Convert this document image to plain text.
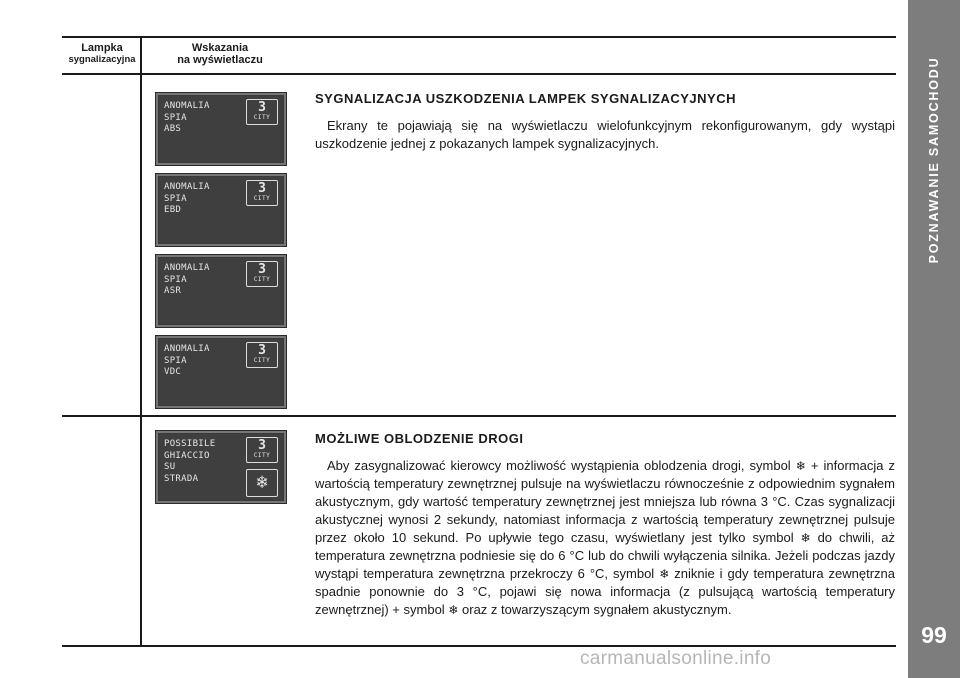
POZNAWANIE SAMOCHODU
99
Lampka
sygnalizacyjna
Wskazania
na wyświetlaczu
ANOMALIA
SPIA
ABS
3
CITY
ANOMALIA
SPIA
EBD
3
CITY
ANOMALIA
SPIA
ASR
3
CITY
ANOMALIA
SPIA
VDC
3
CITY
POSSIBILE
GHIACCIO
SU
STRADA
3
CITY
❄
SYGNALIZACJA USZKODZENIA LAMPEK SYGNALIZACYJNYCH
Ekrany te pojawiają się na wyświetlaczu wielofunkcyjnym rekonfigurowanym, gdy wystąpi uszkodzenie jednej z pokazanych lampek sygnalizacyjnych.
MOŻLIWE OBLODZENIE DROGI
Aby zasygnalizować kierowcy możliwość wystąpienia oblodzenia drogi, symbol ❄ + informacja z wartością temperatury zewnętrznej pulsuje na wyświetlaczu równocześnie z odpowiednim sygnałem akustycznym, gdy wartość temperatury zewnętrznej jest mniejsza lub równa 3 °C. Czas sygnalizacji akustycznej wynosi 2 sekundy, natomiast informacja z wartością temperatury zewnętrznej pulsuje przez około 10 sekund. Po upływie tego czasu, wyświetlany jest tylko symbol ❄ do chwili, aż temperatura zewnętrzna podniesie się do 6 °C lub do chwili wyłączenia silnika. Jeżeli podczas jazdy wystąpi temperatura zewnętrzna przekroczy 6 °C, symbol ❄ zniknie i gdy temperatura zewnętrzna spadnie ponownie do 3 °C, pojawi się nowa informacja (z pulsującą wartością temperatury zewnętrznej) + symbol ❄ oraz z towarzyszącym sygnałem akustycznym.
carmanualsonline.info
